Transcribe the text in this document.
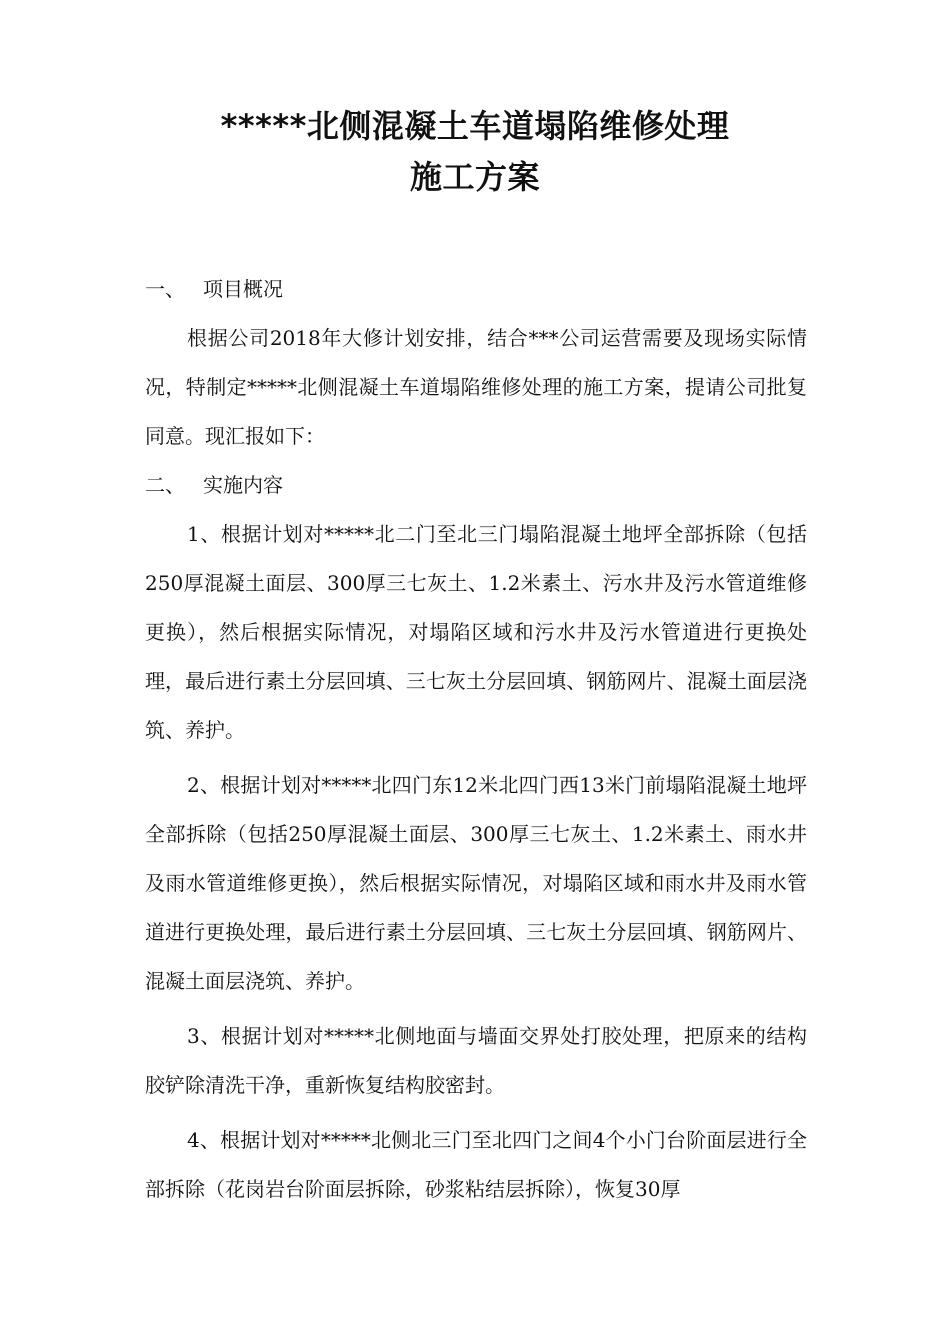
*****北侧混凝土车道塌陷维修处理
施工方案
一、 项目概况

根据公司2018年大修计划安排，结合***公司运营需要及现场实际情况，特制定*****北侧混凝土车道塌陷维修处理的施工方案，提请公司批复同意。现汇报如下：

二、 实施内容

1、根据计划对*****北二门至北三门塌陷混凝土地坪全部拆除（包括250厚混凝土面层、300厚三七灰土、1.2米素土、污水井及污水管道维修更换），然后根据实际情况，对塌陷区域和污水井及污水管道进行更换处理，最后进行素土分层回填、三七灰土分层回填、钢筋网片、混凝土面层浇筑、养护。

2、根据计划对*****北四门东12米北四门西13米门前塌陷混凝土地坪全部拆除（包括250厚混凝土面层、300厚三七灰土、1.2米素土、雨水井及雨水管道维修更换），然后根据实际情况，对塌陷区域和雨水井及雨水管道进行更换处理，最后进行素土分层回填、三七灰土分层回填、钢筋网片、混凝土面层浇筑、养护。

3、根据计划对*****北侧地面与墙面交界处打胶处理，把原来的结构胶铲除清洗干净，重新恢复结构胶密封。

4、根据计划对*****北侧北三门至北四门之间4个小门台阶面层进行全部拆除（花岗岩台阶面层拆除，砂浆粘结层拆除），恢复30厚
